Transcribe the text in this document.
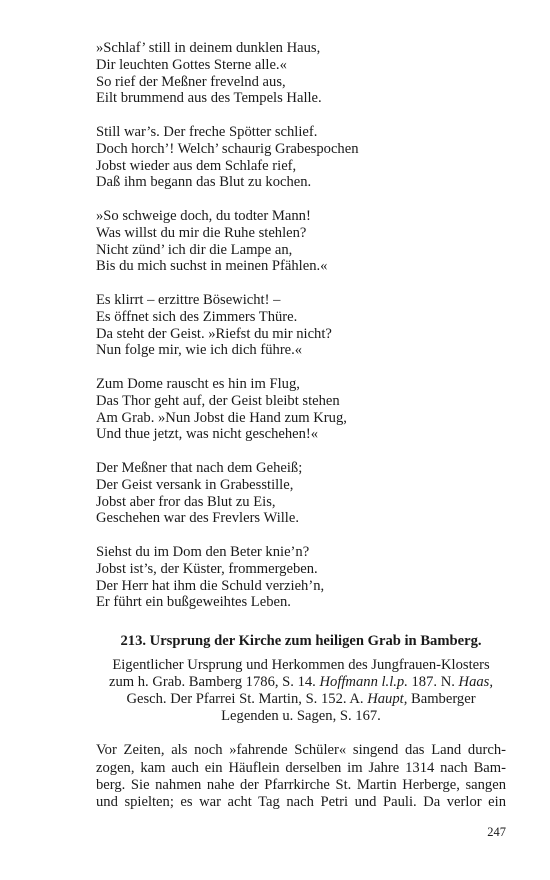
»Schlaf’ still in deinem dunklen Haus,
Dir leuchten Gottes Sterne alle.«
So rief der Meßner frevelnd aus,
Eilt brummend aus des Tempels Halle.
Still war’s. Der freche Spötter schlief.
Doch horch’! Welch’ schaurig Grabespochen
Jobst wieder aus dem Schlafe rief,
Daß ihm begann das Blut zu kochen.
»So schweige doch, du todter Mann!
Was willst du mir die Ruhe stehlen?
Nicht zünd’ ich dir die Lampe an,
Bis du mich suchst in meinen Pfählen.«
Es klirrt – erzittre Bösewicht! –
Es öffnet sich des Zimmers Thüre.
Da steht der Geist. »Riefst du mir nicht?
Nun folge mir, wie ich dich führe.«
Zum Dome rauscht es hin im Flug,
Das Thor geht auf, der Geist bleibt stehen
Am Grab. »Nun Jobst die Hand zum Krug,
Und thue jetzt, was nicht geschehen!«
Der Meßner that nach dem Geheiß;
Der Geist versank in Grabesstille,
Jobst aber fror das Blut zu Eis,
Geschehen war des Frevlers Wille.
Siehst du im Dom den Beter knie’n?
Jobst ist’s, der Küster, frommergeben.
Der Herr hat ihm die Schuld verzieh’n,
Er führt ein bußgeweihtes Leben.
213. Ursprung der Kirche zum heiligen Grab in Bamberg.
Eigentlicher Ursprung und Herkommen des Jungfrauen-Klosters
zum h. Grab. Bamberg 1786, S. 14. Hoffmann l.l.p. 187. N. Haas,
Gesch. Der Pfarrei St. Martin, S. 152. A. Haupt, Bamberger
Legenden u. Sagen, S. 167.
Vor Zeiten, als noch »fahrende Schüler« singend das Land durch-
zogen, kam auch ein Häuflein derselben im Jahre 1314 nach Bam-
berg. Sie nahmen nahe der Pfarrkirche St. Martin Herberge, sangen
und spielten; es war acht Tag nach Petri und Pauli. Da verlor ein
247
